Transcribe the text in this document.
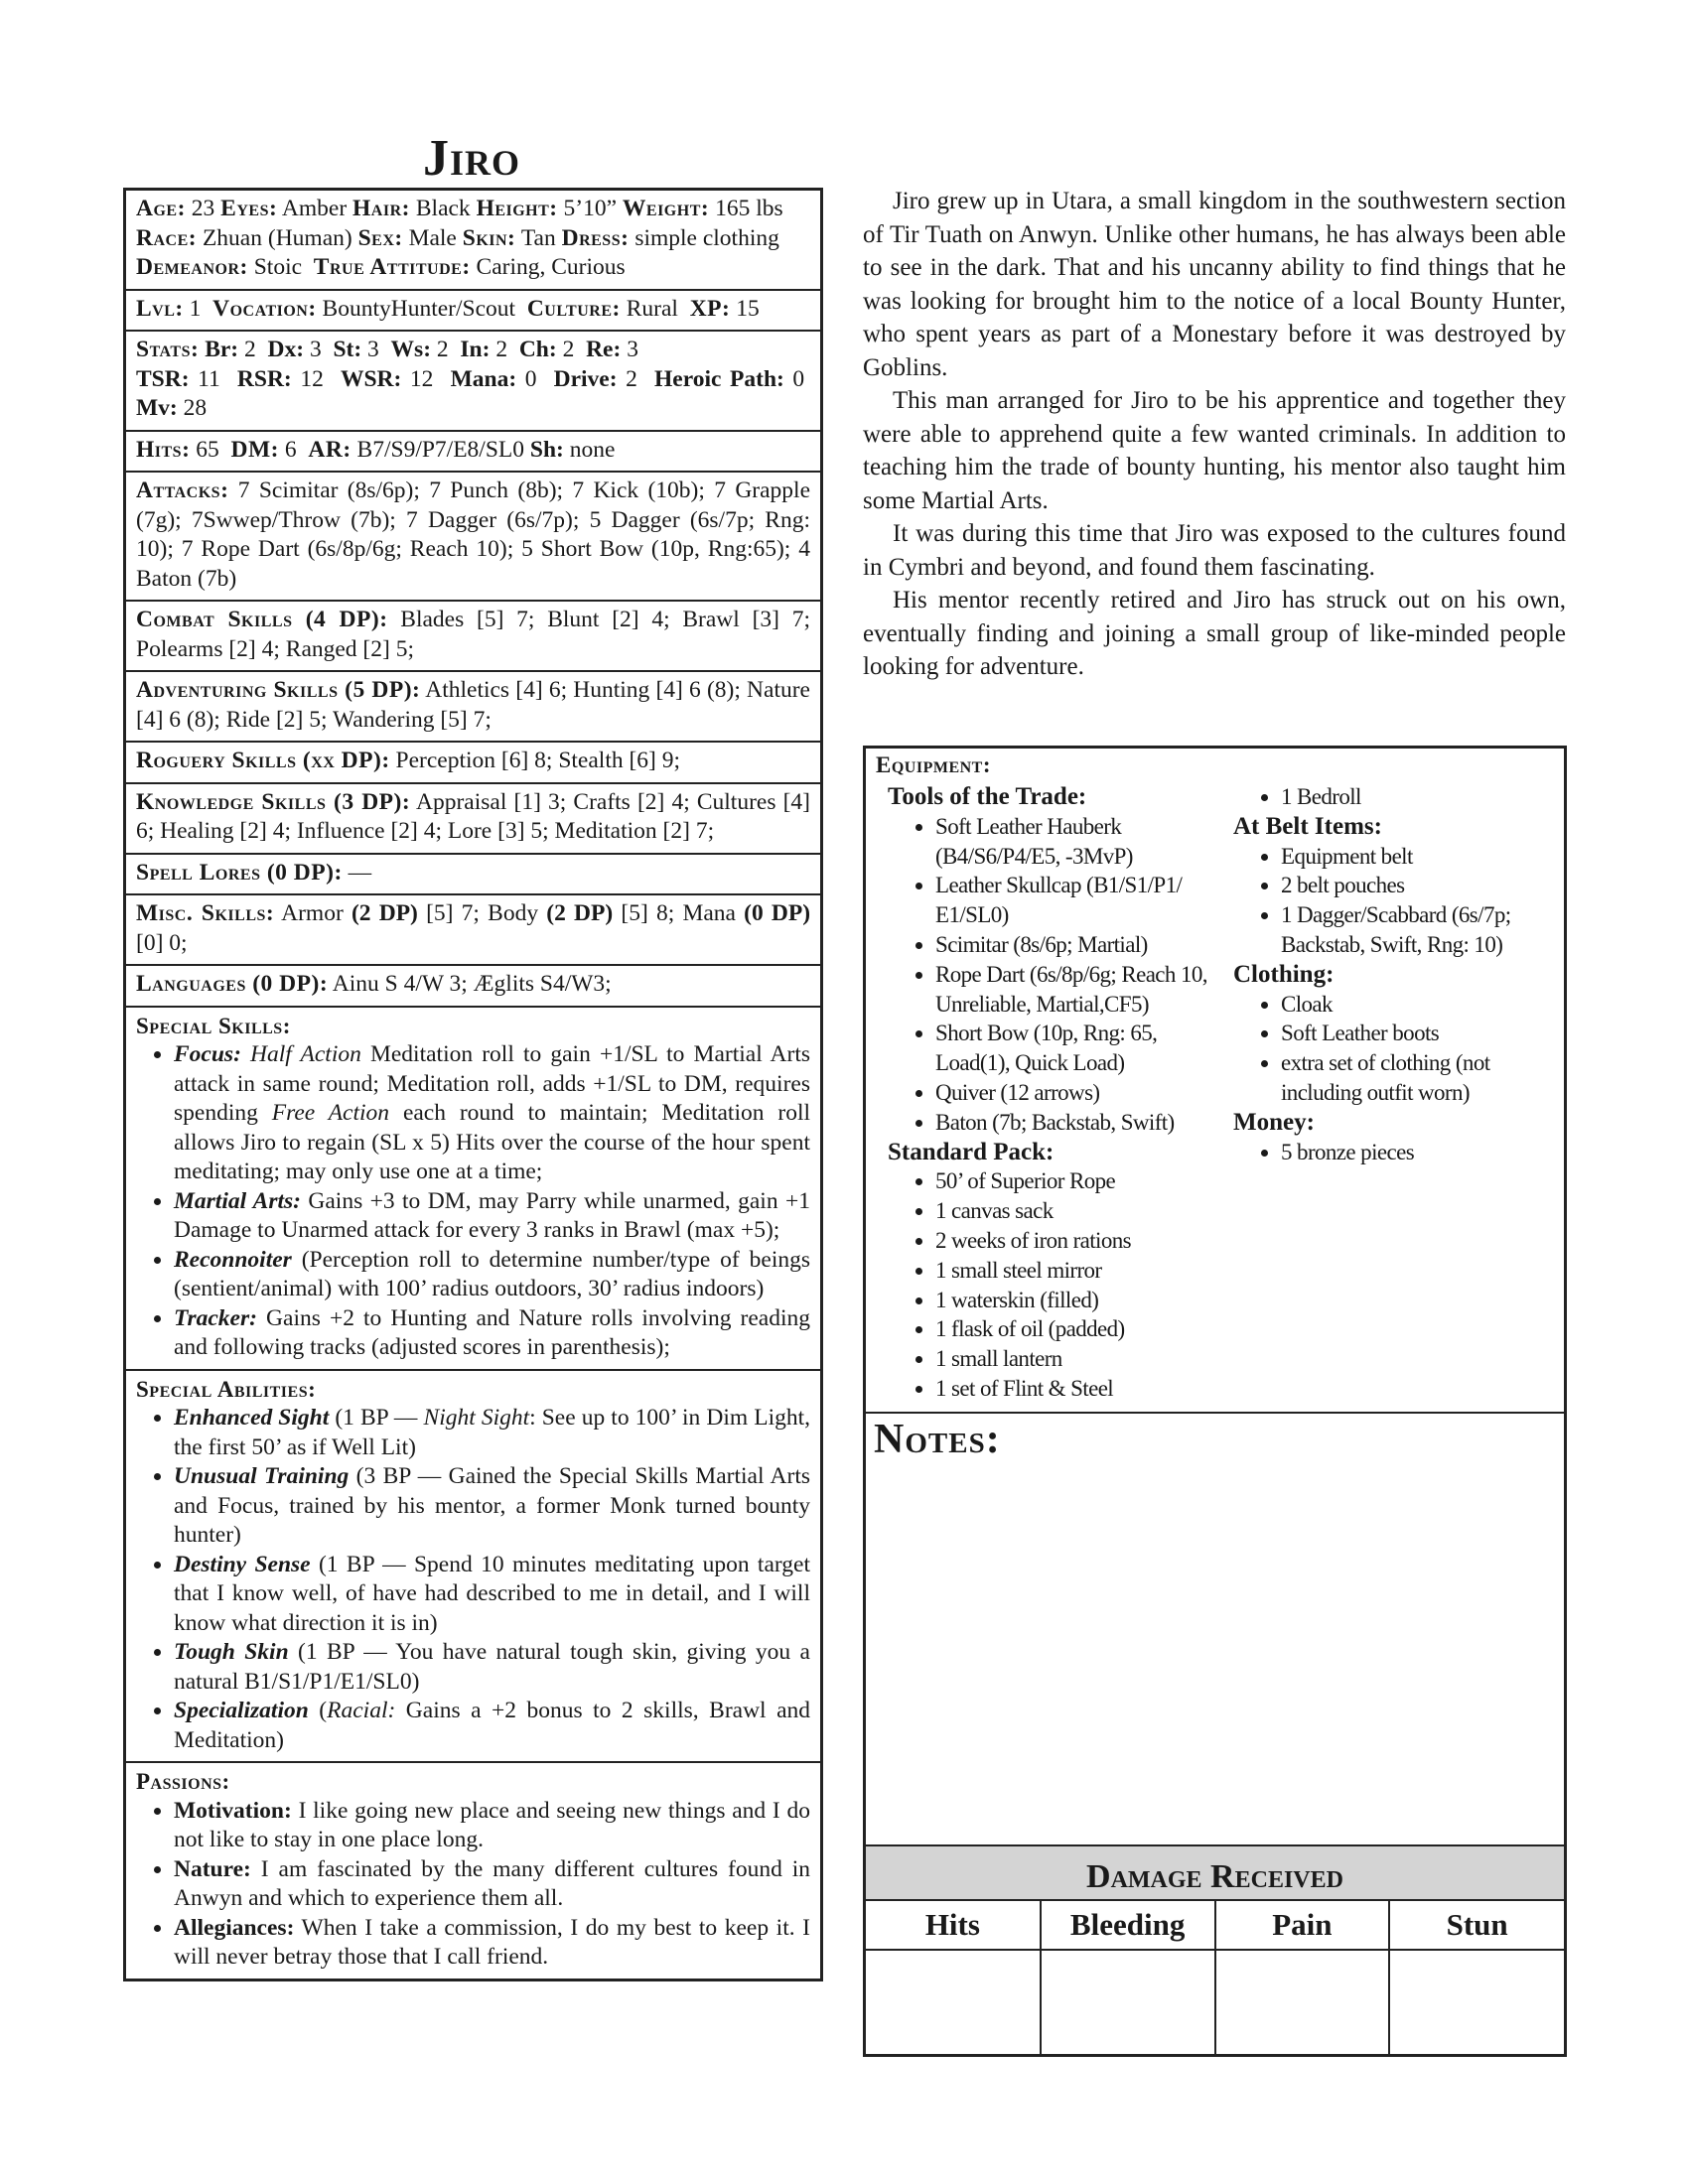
Jiro
Age: 23 Eyes: Amber Hair: Black Height: 5’10” Weight: 165 lbs
Race: Zhuan (Human) Sex: Male Skin: Tan Dress: simple clothing
Demeanor: Stoic True Attitude: Caring, Curious
Lvl: 1 Vocation: BountyHunter/Scout Culture: Rural XP: 15
Stats: Br: 2 Dx: 3 St: 3 Ws: 2 In: 2 Ch: 2 Re: 3
TSR: 11 RSR: 12 WSR: 12 Mana: 0 Drive: 2 Heroic Path: 0  Mv: 28
Hits: 65 DM: 6 AR: B7/S9/P7/E8/SL0 Sh: none
Attacks: 7 Scimitar (8s/6p); 7 Punch (8b); 7 Kick (10b); 7 Grapple (7g); 7Swwep/Throw (7b); 7 Dagger (6s/7p); 5 Dagger (6s/7p; Rng: 10); 7 Rope Dart (6s/8p/6g; Reach 10); 5 Short Bow (10p, Rng:65); 4 Baton (7b)
Combat Skills (4 DP): Blades [5] 7; Blunt [2] 4; Brawl [3] 7; Polearms [2] 4; Ranged [2] 5;
Adventuring Skills (5 DP): Athletics [4] 6; Hunting [4] 6 (8); Nature [4] 6 (8); Ride [2] 5; Wandering [5] 7;
Roguery Skills (xx DP): Perception [6] 8; Stealth [6] 9;
Knowledge Skills (3 DP): Appraisal [1] 3; Crafts [2] 4; Cultures [4] 6; Healing [2] 4; Influence [2] 4; Lore [3] 5; Meditation [2] 7;
Spell Lores (0 DP): —
Misc. Skills: Armor (2 DP) [5] 7; Body (2 DP) [5] 8; Mana (0 DP) [0] 0;
Languages (0 DP): Ainu S 4/W 3; Æglits S4/W3;
Special Skills:
• Focus: Half Action Meditation roll to gain +1/SL to Martial Arts attack in same round; Meditation roll, adds +1/SL to DM, requires spending Free Action each round to maintain; Meditation roll allows Jiro to regain (SL x 5) Hits over the course of the hour spent meditating; may only use one at a time;
• Martial Arts: Gains +3 to DM, may Parry while unarmed, gain +1 Damage to Unarmed attack for every 3 ranks in Brawl (max +5);
• Reconnoiter (Perception roll to determine number/type of beings (sentient/animal) with 100’ radius outdoors, 30’ radius indoors)
• Tracker: Gains +2 to Hunting and Nature rolls involving reading and following tracks (adjusted scores in parenthesis);
Special Abilities:
• Enhanced Sight (1 BP — Night Sight: See up to 100’ in Dim Light, the first 50’ as if Well Lit)
• Unusual Training (3 BP — Gained the Special Skills Martial Arts and Focus, trained by his mentor, a former Monk turned bounty hunter)
• Destiny Sense (1 BP — Spend 10 minutes meditating upon target that I know well, of have had described to me in detail, and I will know what direction it is in)
• Tough Skin (1 BP — You have natural tough skin, giving you a natural B1/S1/P1/E1/SL0)
• Specialization (Racial: Gains a +2 bonus to 2 skills, Brawl and Meditation)
Passions:
• Motivation: I like going new place and seeing new things and I do not like to stay in one place long.
• Nature: I am fascinated by the many different cultures found in Anwyn and which to experience them all.
• Allegiances: When I take a commission, I do my best to keep it. I will never betray those that I call friend.

Jiro grew up in Utara, a small kingdom in the southwestern section of Tir Tuath on Anwyn. Unlike other humans, he has always been able to see in the dark. That and his uncanny ability to find things that he was looking for brought him to the notice of a local Bounty Hunter, who spent years as part of a Monestary before it was destroyed by Goblins.

This man arranged for Jiro to be his apprentice and together they were able to apprehend quite a few wanted criminals. In addition to teaching him the trade of bounty hunting, his mentor also taught him some Martial Arts.

It was during this time that Jiro was exposed to the cultures found in Cymbri and beyond, and found them fascinating.

His mentor recently retired and Jiro has struck out on his own, eventually finding and joining a small group of like-minded people looking for adventure.

Equipment:
Tools of the Trade:
• Soft Leather Hauberk (B4/S6/P4/E5, -3MvP)
• Leather Skullcap (B1/S1/P1/ E1/SL0)
• Scimitar (8s/6p; Martial)
• Rope Dart (6s/8p/6g; Reach 10, Unreliable, Martial,CF5)
• Short Bow (10p, Rng: 65, Load(1), Quick Load)
• Quiver (12 arrows)
• Baton (7b; Backstab, Swift)
Standard Pack:
• 50’ of Superior Rope
• 1 canvas sack
• 2 weeks of iron rations
• 1 small steel mirror
• 1 waterskin (filled)
• 1 flask of oil (padded)
• 1 small lantern
• 1 set of Flint & Steel
• 1 Bedroll
At Belt Items:
• Equipment belt
• 2 belt pouches
• 1 Dagger/Scabbard (6s/7p; Backstab, Swift, Rng: 10)
Clothing:
• Cloak
• Soft Leather boots
• extra set of clothing (not including outfit worn)
Money:
• 5 bronze pieces
Notes:
Damage Received
Hits	Bleeding	Pain	Stun
